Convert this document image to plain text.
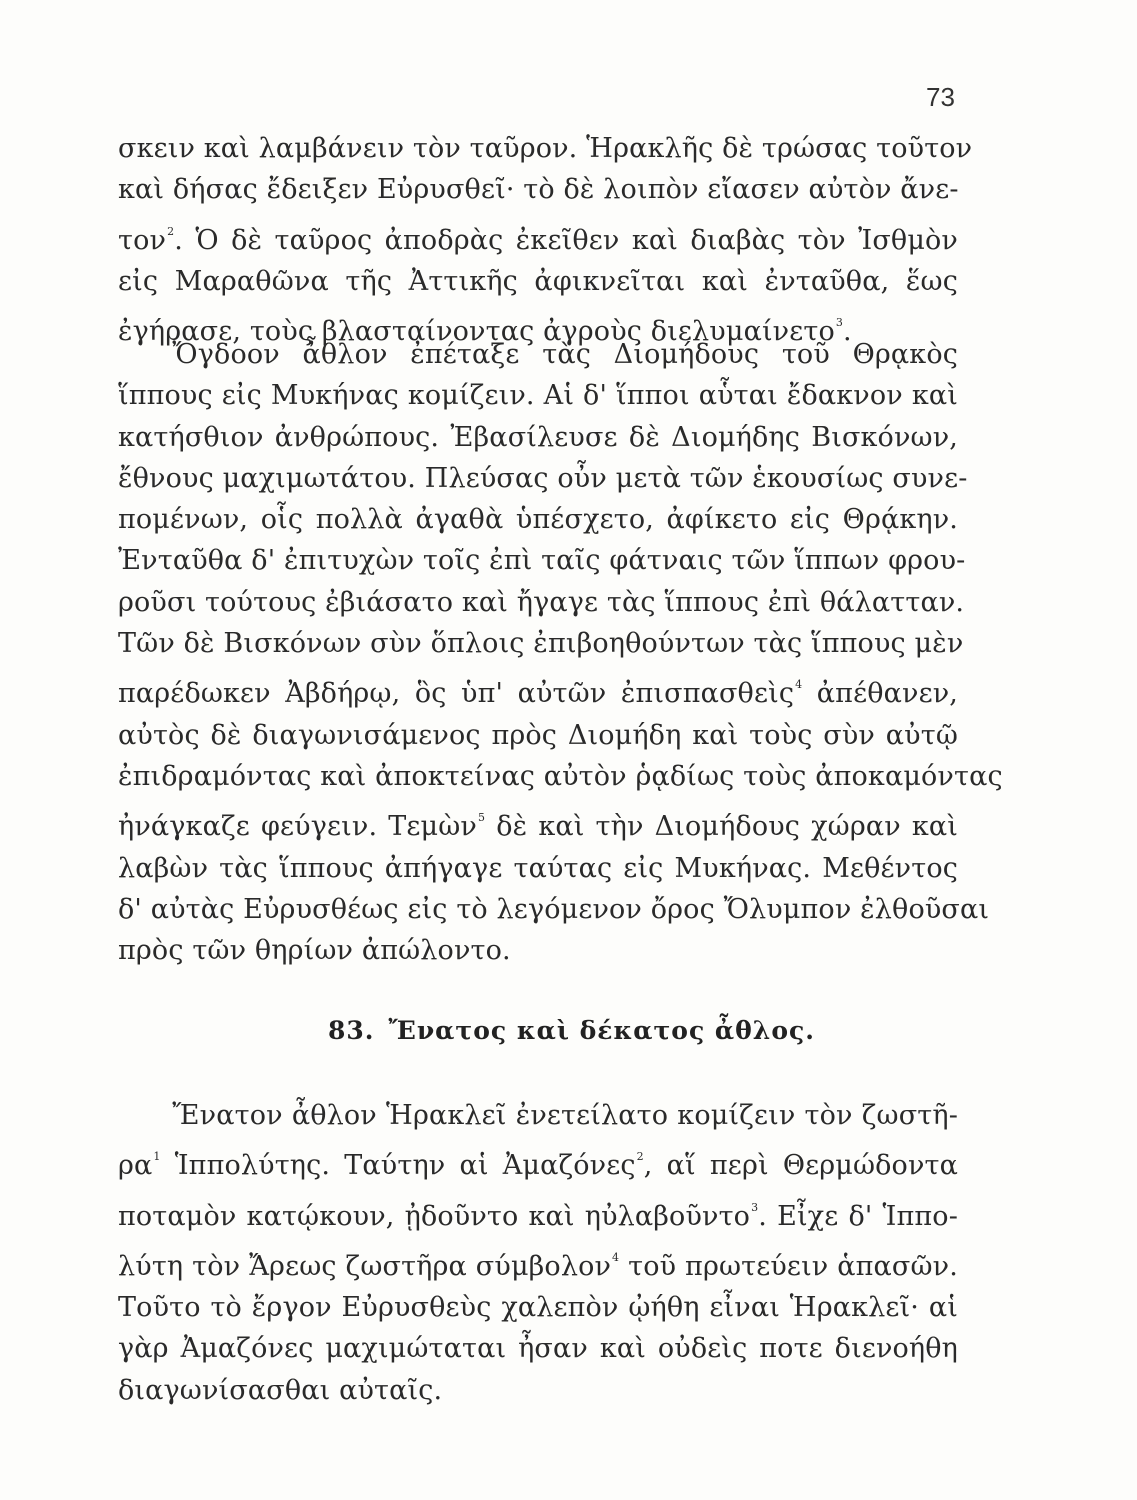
73
σκειν καὶ λαμβάνειν τὸν ταῦρον. Ἡρακλῆς δὲ τρώσας τοῦτον
καὶ δήσας ἔδειξεν Εὐρυσθεῖ· τὸ δὲ λοιπὸν εἴασεν αὐτὸν ἄνε-
τον$^2$. Ὁ δὲ ταῦρος ἀποδρὰς ἐκεῖθεν καὶ διαβὰς τὸν Ἰσθμὸν
εἰς Μαραθῶνα τῆς Ἀττικῆς ἀφικνεῖται καὶ ἐνταῦθα, ἕως
ἐγήρασε, τοὺς βλασταίνοντας ἀγροὺς διελυμαίνετο$^3$.
  Ὄγδοον ἆθλον ἐπέταξε τὰς Διομήδους τοῦ Θρᾳκὸς
ἵππους εἰς Μυκήνας κομίζειν. Αἱ δ' ἵπποι αὗται ἔδακνον καὶ
κατήσθιον ἀνθρώπους. Ἐβασίλευσε δὲ Διομήδης Βισκόνων,
ἔθνους μαχιμωτάτου. Πλεύσας οὖν μετὰ τῶν ἑκουσίως συνε-
πομένων, οἷς πολλὰ ἀγαθὰ ὑπέσχετο, ἀφίκετο εἰς Θρᾴκην.
Ἐνταῦθα δ' ἐπιτυχὼν τοῖς ἐπὶ ταῖς φάτναις τῶν ἵππων φρου-
ροῦσι τούτους ἐβιάσατο καὶ ἤγαγε τὰς ἵππους ἐπὶ θάλατταν.
Τῶν δὲ Βισκόνων σὺν ὅπλοις ἐπιβοηθούντων τὰς ἵππους μὲν
παρέδωκεν Ἀβδήρῳ, ὃς ὑπ' αὐτῶν ἐπισπασθεὶς$^4$ ἀπέθανεν,
αὐτὸς δὲ διαγωνισάμενος πρὸς Διομήδη καὶ τοὺς σὺν αὐτῷ
ἐπιδραμόντας καὶ ἀποκτείνας αὐτὸν ῥᾳδίως τοὺς ἀποκαμόντας
ἠνάγκαζε φεύγειν. Τεμὼν$^5$ δὲ καὶ τὴν Διομήδους χώραν καὶ
λαβὼν τὰς ἵππους ἀπήγαγε ταύτας εἰς Μυκήνας. Μεθέντος
δ' αὐτὰς Εὐρυσθέως εἰς τὸ λεγόμενον ὄρος Ὄλυμπον ἐλθοῦσαι
πρὸς τῶν θηρίων ἀπώλοντο.
83. Ἔνατος καὶ δέκατος ἆθλος.
  Ἔνατον ἆθλον Ἡρακλεῖ ἐνετείλατο κομίζειν τὸν ζωστῆ-
$\rho\alpha^1$ Ἱππολύτης. Ταύτην αἱ Ἀμαζόνες$^2$, αἵ περὶ Θερμώδοντα
ποταμὸν κατῴκουν, ᾐδοῦντο καὶ ηὐλαβοῦντο$^3$. Εἶχε δ' Ἱππο-
λύτη τὸν Ἄρεως ζωστῆρα σύμβολον$^4$ τοῦ πρωτεύειν ἁπασῶν.
Τοῦτο τὸ ἔργον Εὐρυσθεὺς χαλεπὸν ᾠήθη εἶναι Ἡρακλεῖ· αἱ
γὰρ Ἀμαζόνες μαχιμώταται ἦσαν καὶ οὐδεὶς ποτε διενοήθη
διαγωνίσασθαι αὐταῖς.
